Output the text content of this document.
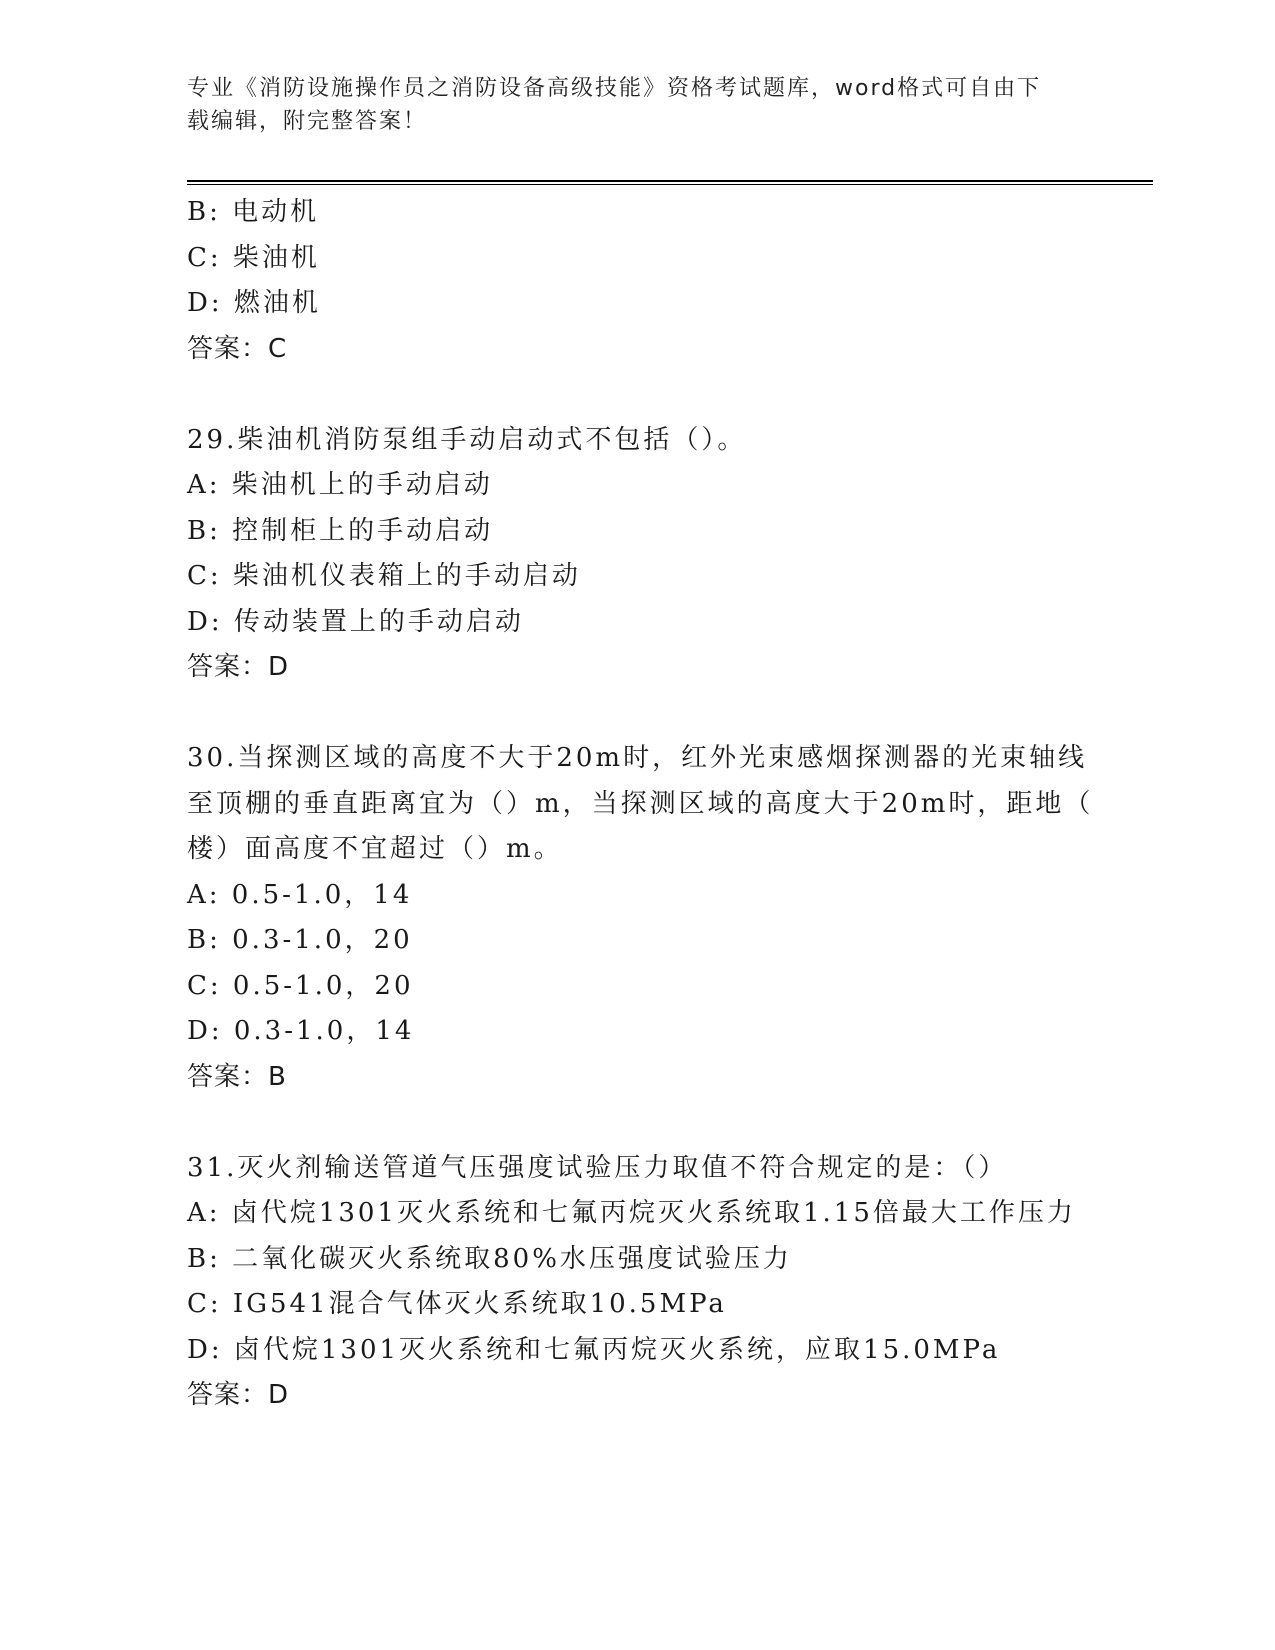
专业《消防设施操作员之消防设备高级技能》资格考试题库，word格式可自由下
载编辑，附完整答案！
B: 电动机
C: 柴油机
D: 燃油机
答案：C
29.柴油机消防泵组手动启动式不包括（）。
A: 柴油机上的手动启动
B: 控制柜上的手动启动
C: 柴油机仪表箱上的手动启动
D: 传动装置上的手动启动
答案：D
30.当探测区域的高度不大于20m时，红外光束感烟探测器的光束轴线
至顶棚的垂直距离宜为（）m，当探测区域的高度大于20m时，距地（
楼）面高度不宜超过（）m。
A: 0.5-1.0，14
B: 0.3-1.0，20
C: 0.5-1.0，20
D: 0.3-1.0，14
答案：B
31.灭火剂输送管道气压强度试验压力取值不符合规定的是：（）
A: 卤代烷1301灭火系统和七氟丙烷灭火系统取1.15倍最大工作压力
B: 二氧化碳灭火系统取80%水压强度试验压力
C: IG541混合气体灭火系统取10.5MPa
D: 卤代烷1301灭火系统和七氟丙烷灭火系统，应取15.0MPa
答案：D
